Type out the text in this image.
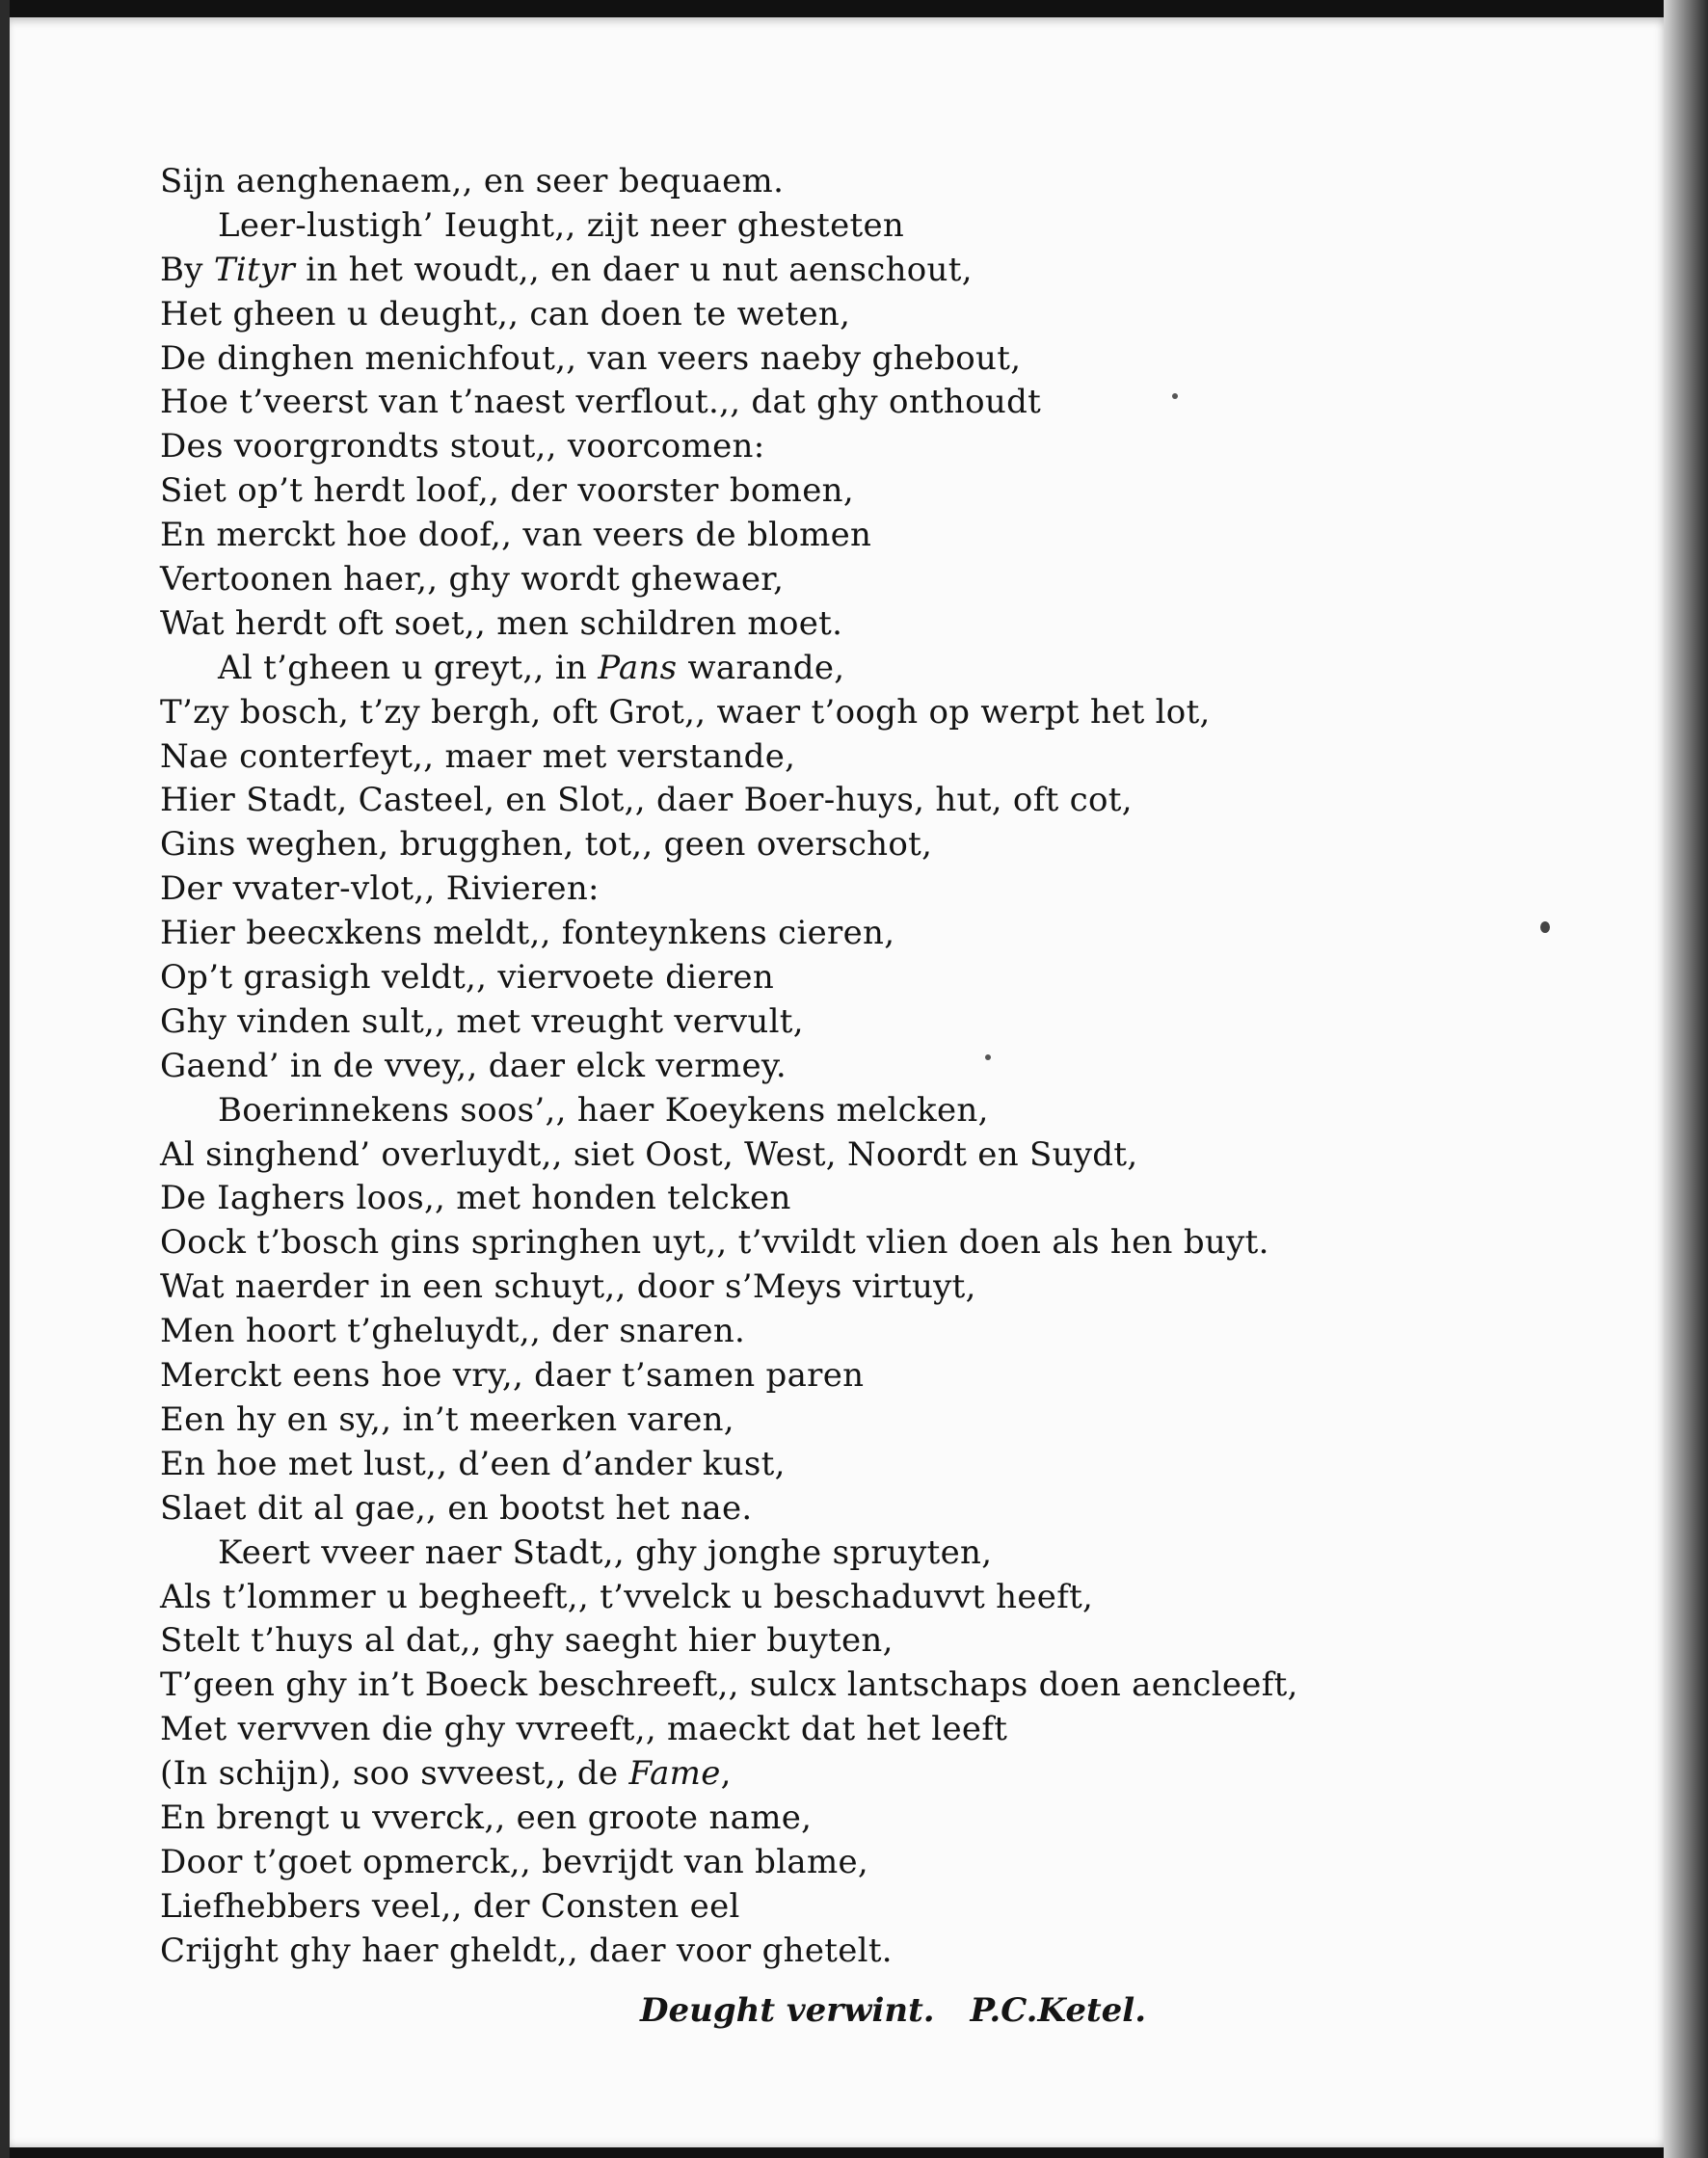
Sijn aenghenaem,, en seer bequaem.
Leer-lustigh’ Ieught,, zijt neer ghesteten
By Tityr in het woudt,, en daer u nut aenschout,
Het gheen u deught,, can doen te weten,
De dinghen menichfout,, van veers naeby ghebout,
Hoe t’veerst van t’naest verflout.,, dat ghy onthoudt
Des voorgrondts stout,, voorcomen:
Siet op’t herdt loof,, der voorster bomen,
En merckt hoe doof,, van veers de blomen
Vertoonen haer,, ghy wordt ghewaer,
Wat herdt oft soet,, men schildren moet.
Al t’gheen u greyt,, in Pans warande,
T’zy bosch, t’zy bergh, oft Grot,, waer t’oogh op werpt het lot,
Nae conterfeyt,, maer met verstande,
Hier Stadt, Casteel, en Slot,, daer Boer-huys, hut, oft cot,
Gins weghen, brugghen, tot,, geen overschot,
Der vvater-vlot,, Rivieren:
Hier beecxkens meldt,, fonteynkens cieren,
Op’t grasigh veldt,, viervoete dieren
Ghy vinden sult,, met vreught vervult,
Gaend’ in de vvey,, daer elck vermey.
Boerinnekens soos’,, haer Koeykens melcken,
Al singhend’ overluydt,, siet Oost, West, Noordt en Suydt,
De Iaghers loos,, met honden telcken
Oock t’bosch gins springhen uyt,, t’vvildt vlien doen als hen buyt.
Wat naerder in een schuyt,, door s’Meys virtuyt,
Men hoort t’gheluydt,, der snaren.
Merckt eens hoe vry,, daer t’samen paren
Een hy en sy,, in’t meerken varen,
En hoe met lust,, d’een d’ander kust,
Slaet dit al gae,, en bootst het nae.
Keert vveer naer Stadt,, ghy jonghe spruyten,
Als t’lommer u begheeft,, t’vvelck u beschaduvvt heeft,
Stelt t’huys al dat,, ghy saeght hier buyten,
T’geen ghy in’t Boeck beschreeft,, sulcx lantschaps doen aencleeft,
Met vervven die ghy vvreeft,, maeckt dat het leeft
(In schijn), soo svveest,, de Fame,
En brengt u vverck,, een groote name,
Door t’goet opmerck,, bevrijdt van blame,
Liefhebbers veel,, der Consten eel
Crijght ghy haer gheldt,, daer voor ghetelt.
Deught verwint. P.C.Ketel.
